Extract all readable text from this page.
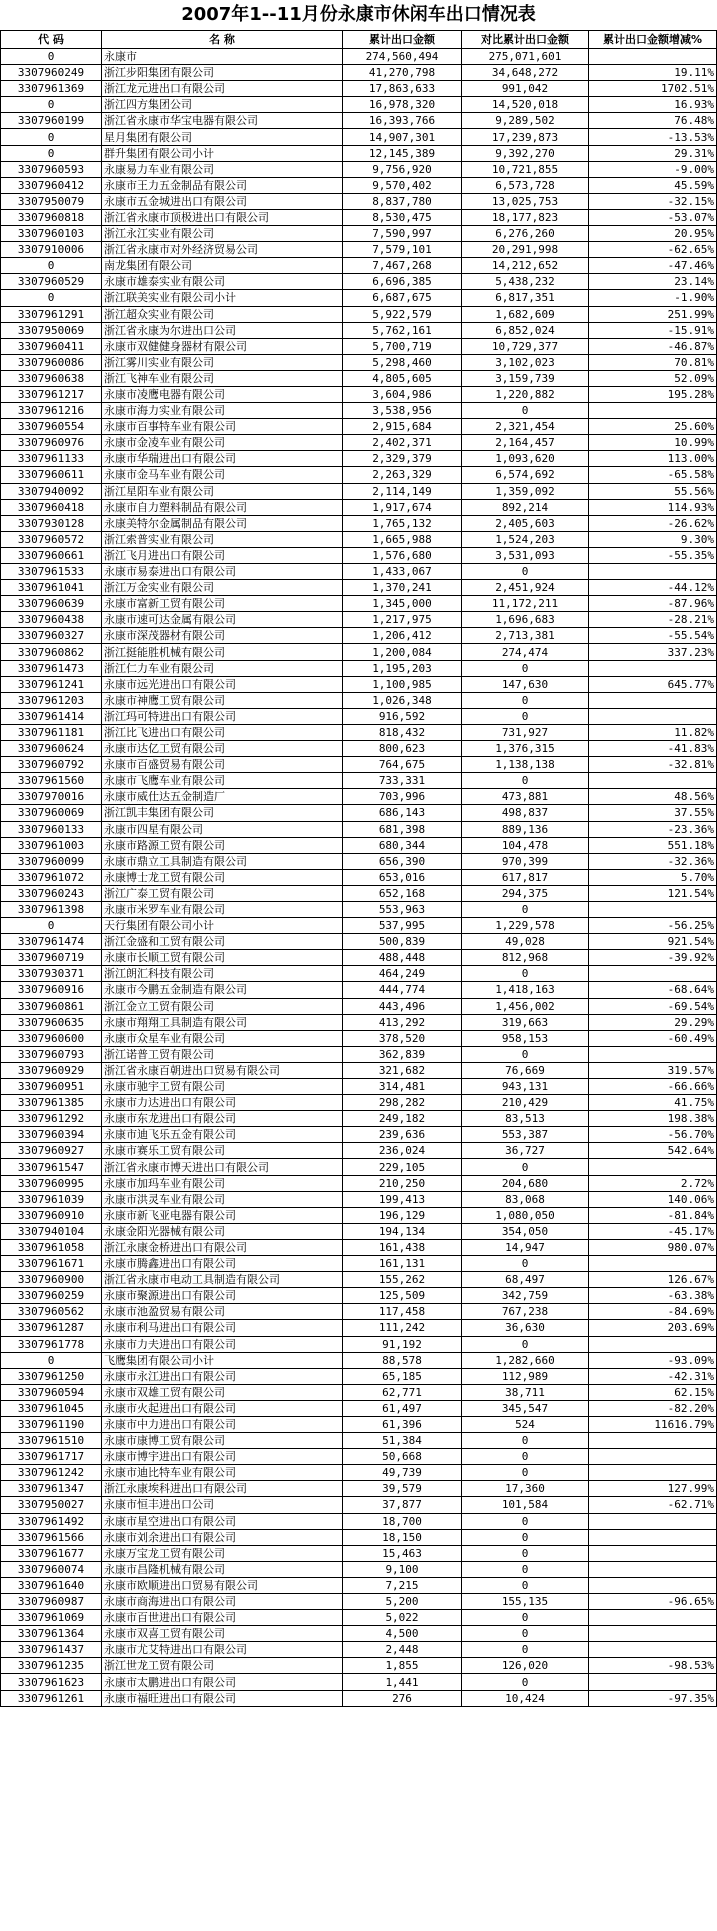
2007年1--11月份永康市休闲车出口情况表
代 码	名 称	累计出口金额	对比累计出口金额	累计出口金额增减%
0	永康市	274,560,494	275,071,601	
3307960249	浙江步阳集团有限公司	41,270,798	34,648,272	19.11%
3307961369	浙江龙元进出口有限公司	17,863,633	991,042	1702.51%
0	浙江四方集团公司	16,978,320	14,520,018	16.93%
3307960199	浙江省永康市华宝电器有限公司	16,393,766	9,289,502	76.48%
0	星月集团有限公司	14,907,301	17,239,873	-13.53%
0	群升集团有限公司小计	12,145,389	9,392,270	29.31%
3307960593	永康易力车业有限公司	9,756,920	10,721,855	-9.00%
3307960412	永康市王力五金制品有限公司	9,570,402	6,573,728	45.59%
3307950079	永康市五金城进出口有限公司	8,837,780	13,025,753	-32.15%
3307960818	浙江省永康市顶极进出口有限公司	8,530,475	18,177,823	-53.07%
3307960103	浙江永江实业有限公司	7,590,997	6,276,260	20.95%
3307910006	浙江省永康市对外经济贸易公司	7,579,101	20,291,998	-62.65%
0	南龙集团有限公司	7,467,268	14,212,652	-47.46%
3307960529	永康市雄泰实业有限公司	6,696,385	5,438,232	23.14%
0	浙江联美实业有限公司小计	6,687,675	6,817,351	-1.90%
3307961291	浙江超众实业有限公司	5,922,579	1,682,609	251.99%
3307950069	浙江省永康为尔进出口公司	5,762,161	6,852,024	-15.91%
3307960411	永康市双健健身器材有限公司	5,700,719	10,729,377	-46.87%
3307960086	浙江雾川实业有限公司	5,298,460	3,102,023	70.81%
3307960638	浙江飞神车业有限公司	4,805,605	3,159,739	52.09%
3307961217	永康市凌鹰电器有限公司	3,604,986	1,220,882	195.28%
3307961216	永康市海力实业有限公司	3,538,956	0	
3307960554	永康市百事特车业有限公司	2,915,684	2,321,454	25.60%
3307960976	永康市金凌车业有限公司	2,402,371	2,164,457	10.99%
3307961133	永康市华瑞进出口有限公司	2,329,379	1,093,620	113.00%
3307960611	永康市金马车业有限公司	2,263,329	6,574,692	-65.58%
3307940092	浙江星阳车业有限公司	2,114,149	1,359,092	55.56%
3307960418	永康市自力塑料制品有限公司	1,917,674	892,214	114.93%
3307930128	永康美特尔金属制品有限公司	1,765,132	2,405,603	-26.62%
3307960572	浙江索普实业有限公司	1,665,988	1,524,203	9.30%
3307960661	浙江飞月进出口有限公司	1,576,680	3,531,093	-55.35%
3307961533	永康市易泰进出口有限公司	1,433,067	0	
3307961041	浙江万金实业有限公司	1,370,241	2,451,924	-44.12%
3307960639	永康市富新工贸有限公司	1,345,000	11,172,211	-87.96%
3307960438	永康市速可达金属有限公司	1,217,975	1,696,683	-28.21%
3307960327	永康市深茂器材有限公司	1,206,412	2,713,381	-55.54%
3307960862	浙江挺能胜机械有限公司	1,200,084	274,474	337.23%
3307961473	浙江仁力车业有限公司	1,195,203	0	
3307961241	永康市远光进出口有限公司	1,100,985	147,630	645.77%
3307961203	永康市神鹰工贸有限公司	1,026,348	0	
3307961414	浙江玛可特进出口有限公司	916,592	0	
3307961181	浙江比飞进出口有限公司	818,432	731,927	11.82%
3307960624	永康市达亿工贸有限公司	800,623	1,376,315	-41.83%
3307960792	永康市百盛贸易有限公司	764,675	1,138,138	-32.81%
3307961560	永康市飞鹰车业有限公司	733,331	0	
3307970016	永康市威仕达五金制造厂	703,996	473,881	48.56%
3307960069	浙江凯丰集团有限公司	686,143	498,837	37.55%
3307960133	永康市四星有限公司	681,398	889,136	-23.36%
3307961003	永康市路源工贸有限公司	680,344	104,478	551.18%
3307960099	永康市鼎立工具制造有限公司	656,390	970,399	-32.36%
3307961072	永康博士龙工贸有限公司	653,016	617,817	5.70%
3307960243	浙江广泰工贸有限公司	652,168	294,375	121.54%
3307961398	永康市米罗车业有限公司	553,963	0	
0	天行集团有限公司小计	537,995	1,229,578	-56.25%
3307961474	浙江金盛和工贸有限公司	500,839	49,028	921.54%
3307960719	永康市长顺工贸有限公司	488,448	812,968	-39.92%
3307930371	浙江朗汇科技有限公司	464,249	0	
3307960916	永康市今鹏五金制造有限公司	444,774	1,418,163	-68.64%
3307960861	浙江金立工贸有限公司	443,496	1,456,002	-69.54%
3307960635	永康市翔翔工具制造有限公司	413,292	319,663	29.29%
3307960600	永康市众星车业有限公司	378,520	958,153	-60.49%
3307960793	浙江诺普工贸有限公司	362,839	0	
3307960929	浙江省永康百朝进出口贸易有限公司	321,682	76,669	319.57%
3307960951	永康市驰宇工贸有限公司	314,481	943,131	-66.66%
3307961385	永康市力达进出口有限公司	298,282	210,429	41.75%
3307961292	永康市东龙进出口有限公司	249,182	83,513	198.38%
3307960394	永康市迪飞乐五金有限公司	239,636	553,387	-56.70%
3307960927	永康市赛乐工贸有限公司	236,024	36,727	542.64%
3307961547	浙江省永康市博天进出口有限公司	229,105	0	
3307960995	永康市加玛车业有限公司	210,250	204,680	2.72%
3307961039	永康市洪灵车业有限公司	199,413	83,068	140.06%
3307960910	永康市新飞亚电器有限公司	196,129	1,080,050	-81.84%
3307940104	永康金阳光器械有限公司	194,134	354,050	-45.17%
3307961058	浙江永康金桥进出口有限公司	161,438	14,947	980.07%
3307961671	永康市腾鑫进出口有限公司	161,131	0	
3307960900	浙江省永康市电动工具制造有限公司	155,262	68,497	126.67%
3307960259	永康市聚源进出口有限公司	125,509	342,759	-63.38%
3307960562	永康市池盈贸易有限公司	117,458	767,238	-84.69%
3307961287	永康市利马进出口有限公司	111,242	36,630	203.69%
3307961778	永康市力夫进出口有限公司	91,192	0	
0	飞鹰集团有限公司小计	88,578	1,282,660	-93.09%
3307961250	永康市永江进出口有限公司	65,185	112,989	-42.31%
3307960594	永康市双雄工贸有限公司	62,771	38,711	62.15%
3307961045	永康市火起进出口有限公司	61,497	345,547	-82.20%
3307961190	永康市中力进出口有限公司	61,396	524	11616.79%
3307961510	永康市康博工贸有限公司	51,384	0	
3307961717	永康市博宇进出口有限公司	50,668	0	
3307961242	永康市迪比特车业有限公司	49,739	0	
3307961347	浙江永康埃科进出口有限公司	39,579	17,360	127.99%
3307950027	永康市恒丰进出口公司	37,877	101,584	-62.71%
3307961492	永康市星空进出口有限公司	18,700	0	
3307961566	永康市刘余进出口有限公司	18,150	0	
3307961677	永康万宝龙工贸有限公司	15,463	0	
3307960074	永康市昌隆机械有限公司	9,100	0	
3307961640	永康市欧顺进出口贸易有限公司	7,215	0	
3307960987	永康市商海进出口有限公司	5,200	155,135	-96.65%
3307961069	永康市百世进出口有限公司	5,022	0	
3307961364	永康市双喜工贸有限公司	4,500	0	
3307961437	永康市尤艾特进出口有限公司	2,448	0	
3307961235	浙江世龙工贸有限公司	1,855	126,020	-98.53%
3307961623	永康市太鹏进出口有限公司	1,441	0	
3307961261	永康市福旺进出口有限公司	276	10,424	-97.35%
